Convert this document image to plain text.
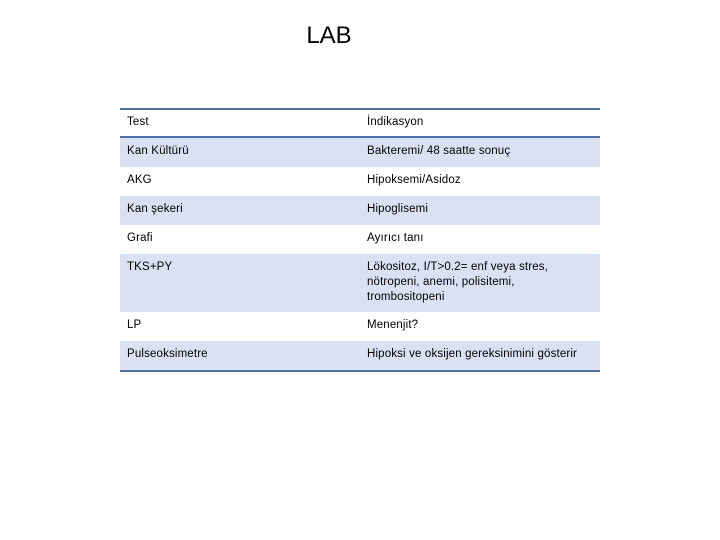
LAB
Test	İndikasyon
Kan Kültürü	Bakteremi/ 48 saatte sonuç
AKG	Hipoksemi/Asidoz
Kan şekeri	Hipoglisemi
Grafi	Ayırıcı tanı
TKS+PY	Lökositoz, I/T>0.2= enf veya stres, nötropeni, anemi, polisitemi, trombositopeni
LP	Menenjit?
Pulseoksimetre	Hipoksi ve oksijen gereksinimini gösterir
